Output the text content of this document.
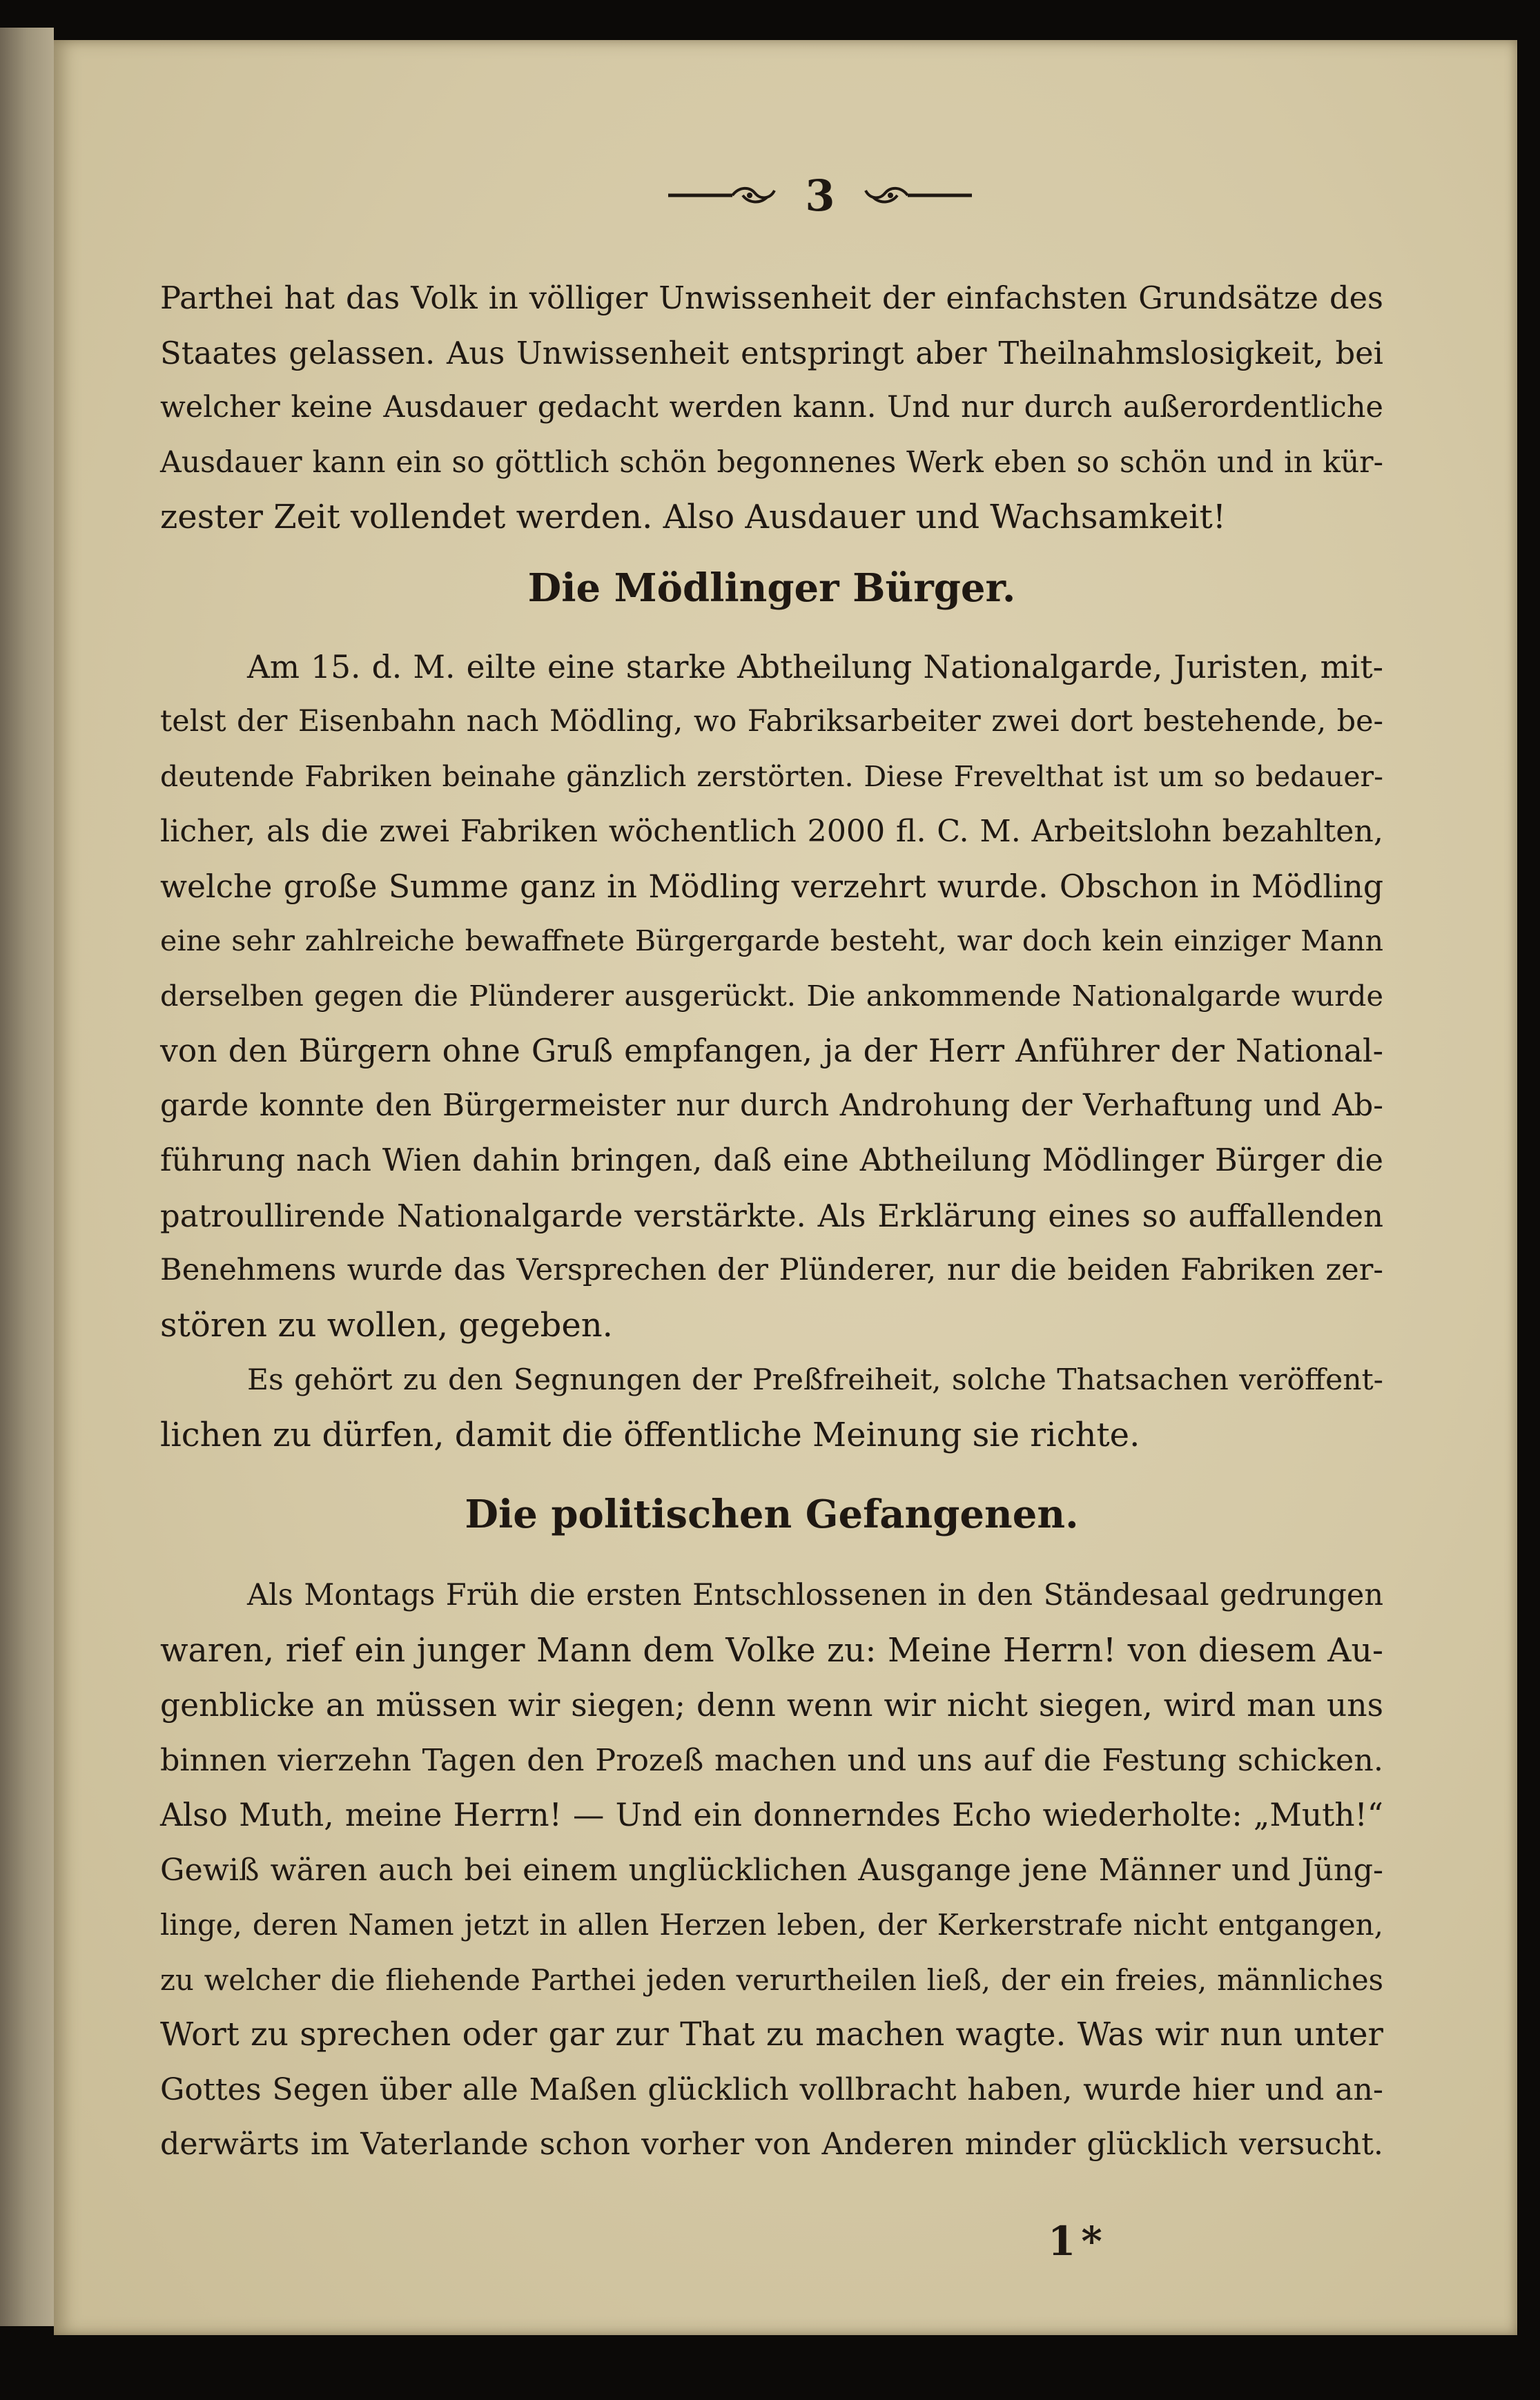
3

Parthei hat das Volk in völliger Unwissenheit der einfachsten Grundsätze des

Staates gelassen. Aus Unwissenheit entspringt aber Theilnahmslosigkeit, bei

welcher keine Ausdauer gedacht werden kann. Und nur durch außerordentliche

Ausdauer kann ein so göttlich schön begonnenes Werk eben so schön und in kür-

zester Zeit vollendet werden. Also Ausdauer und Wachsamkeit!

Die Mödlinger Bürger.

Am 15. d. M. eilte eine starke Abtheilung Nationalgarde, Juristen, mit-

telst der Eisenbahn nach Mödling, wo Fabriksarbeiter zwei dort bestehende, be-

deutende Fabriken beinahe gänzlich zerstörten. Diese Frevelthat ist um so bedauer-

licher, als die zwei Fabriken wöchentlich 2000 fl. C. M. Arbeitslohn bezahlten,

welche große Summe ganz in Mödling verzehrt wurde. Obschon in Mödling

eine sehr zahlreiche bewaffnete Bürgergarde besteht, war doch kein einziger Mann

derselben gegen die Plünderer ausgerückt. Die ankommende Nationalgarde wurde

von den Bürgern ohne Gruß empfangen, ja der Herr Anführer der National-

garde konnte den Bürgermeister nur durch Androhung der Verhaftung und Ab-

führung nach Wien dahin bringen, daß eine Abtheilung Mödlinger Bürger die

patroullirende Nationalgarde verstärkte. Als Erklärung eines so auffallenden

Benehmens wurde das Versprechen der Plünderer, nur die beiden Fabriken zer-

stören zu wollen, gegeben.

Es gehört zu den Segnungen der Preßfreiheit, solche Thatsachen veröffent-

lichen zu dürfen, damit die öffentliche Meinung sie richte.

Die politischen Gefangenen.

Als Montags Früh die ersten Entschlossenen in den Ständesaal gedrungen

waren, rief ein junger Mann dem Volke zu: Meine Herrn! von diesem Au-

genblicke an müssen wir siegen; denn wenn wir nicht siegen, wird man uns

binnen vierzehn Tagen den Prozeß machen und uns auf die Festung schicken.

Also Muth, meine Herrn! — Und ein donnerndes Echo wiederholte: „Muth!“

Gewiß wären auch bei einem unglücklichen Ausgange jene Männer und Jüng-

linge, deren Namen jetzt in allen Herzen leben, der Kerkerstrafe nicht entgangen,

zu welcher die fliehende Parthei jeden verurtheilen ließ, der ein freies, männliches

Wort zu sprechen oder gar zur That zu machen wagte. Was wir nun unter

Gottes Segen über alle Maßen glücklich vollbracht haben, wurde hier und an-

derwärts im Vaterlande schon vorher von Anderen minder glücklich versucht.

1*
